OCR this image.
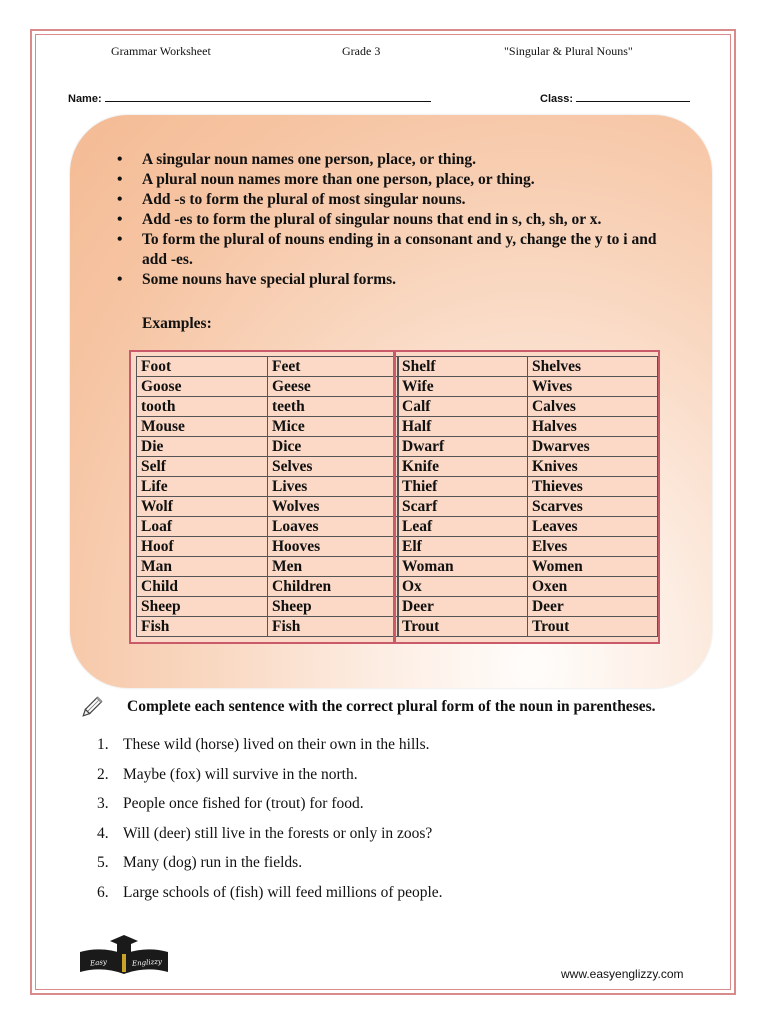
Grammar Worksheet	Grade 3	"Singular & Plural Nouns"
Name:	Class:
• A singular noun names one person, place, or thing.
• A plural noun names more than one person, place, or thing.
• Add -s to form the plural of most singular nouns.
• Add -es to form the plural of singular nouns that end in s, ch, sh, or x.
• To form the plural of nouns ending in a consonant and y, change the y to i and add -es.
• Some nouns have special plural forms.
Examples:
Foot	Feet
Goose	Geese
tooth	teeth
Mouse	Mice
Die	Dice
Self	Selves
Life	Lives
Wolf	Wolves
Loaf	Loaves
Hoof	Hooves
Man	Men
Child	Children
Sheep	Sheep
Fish	Fish
Shelf	Shelves
Wife	Wives
Calf	Calves
Half	Halves
Dwarf	Dwarves
Knife	Knives
Thief	Thieves
Scarf	Scarves
Leaf	Leaves
Elf	Elves
Woman	Women
Ox	Oxen
Deer	Deer
Trout	Trout
Complete each sentence with the correct plural form of the noun in parentheses.
1. These wild (horse) lived on their own in the hills.
2. Maybe (fox) will survive in the north.
3. People once fished for (trout) for food.
4. Will (deer) still live in the forests or only in zoos?
5. Many (dog) run in the fields.
6. Large schools of (fish) will feed millions of people.
Easy	Englizzy
www.easyenglizzy.com
